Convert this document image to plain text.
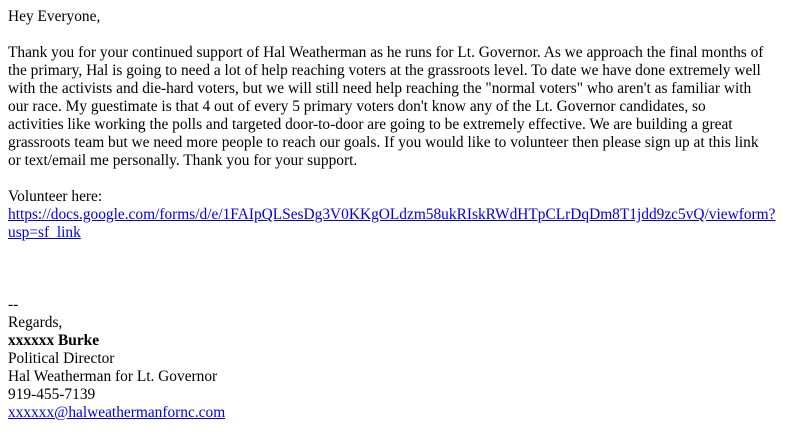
Hey Everyone,
Thank you for your continued support of Hal Weatherman as he runs for Lt. Governor. As we approach the final months of
the primary, Hal is going to need a lot of help reaching voters at the grassroots level. To date we have done extremely well
with the activists and die-hard voters, but we will still need help reaching the "normal voters" who aren't as familiar with
our race. My guestimate is that 4 out of every 5 primary voters don't know any of the Lt. Governor candidates, so
activities like working the polls and targeted door-to-door are going to be extremely effective. We are building a great
grassroots team but we need more people to reach our goals. If you would like to volunteer then please sign up at this link
or text/email me personally. Thank you for your support.
Volunteer here:
https://docs.google.com/forms/d/e/1FAIpQLSesDg3V0KKgOLdzm58ukRIskRWdHTpCLrDqDm8T1jdd9zc5vQ/viewform?
usp=sf_link
--
Regards,
xxxxxx Burke
Political Director
Hal Weatherman for Lt. Governor
919-455-7139
xxxxxx@halweathermanfornc.com
